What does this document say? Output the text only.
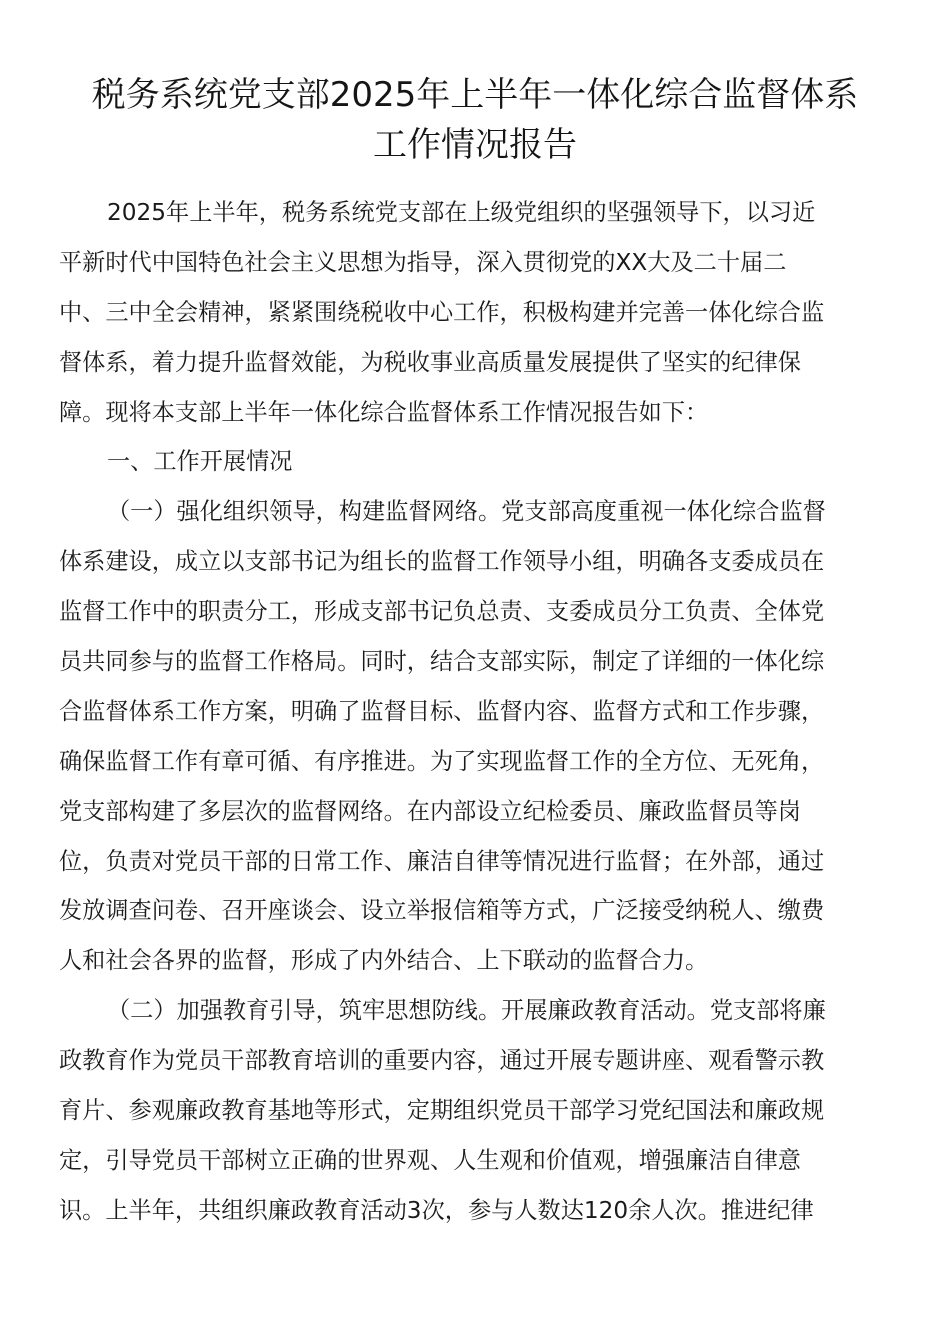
税务系统党支部2025年上半年一体化综合监督体系
工作情况报告
2025年上半年，税务系统党支部在上级党组织的坚强领导下，以习近
平新时代中国特色社会主义思想为指导，深入贯彻党的XX大及二十届二
中、三中全会精神，紧紧围绕税收中心工作，积极构建并完善一体化综合监
督体系，着力提升监督效能，为税收事业高质量发展提供了坚实的纪律保
障。现将本支部上半年一体化综合监督体系工作情况报告如下：
一、工作开展情况
（一）强化组织领导，构建监督网络。党支部高度重视一体化综合监督
体系建设，成立以支部书记为组长的监督工作领导小组，明确各支委成员在
监督工作中的职责分工，形成支部书记负总责、支委成员分工负责、全体党
员共同参与的监督工作格局。同时，结合支部实际，制定了详细的一体化综
合监督体系工作方案，明确了监督目标、监督内容、监督方式和工作步骤，
确保监督工作有章可循、有序推进。为了实现监督工作的全方位、无死角，
党支部构建了多层次的监督网络。在内部设立纪检委员、廉政监督员等岗
位，负责对党员干部的日常工作、廉洁自律等情况进行监督；在外部，通过
发放调查问卷、召开座谈会、设立举报信箱等方式，广泛接受纳税人、缴费
人和社会各界的监督，形成了内外结合、上下联动的监督合力。
（二）加强教育引导，筑牢思想防线。开展廉政教育活动。党支部将廉
政教育作为党员干部教育培训的重要内容，通过开展专题讲座、观看警示教
育片、参观廉政教育基地等形式，定期组织党员干部学习党纪国法和廉政规
定，引导党员干部树立正确的世界观、人生观和价值观，增强廉洁自律意
识。上半年，共组织廉政教育活动3次，参与人数达120余人次。推进纪律
